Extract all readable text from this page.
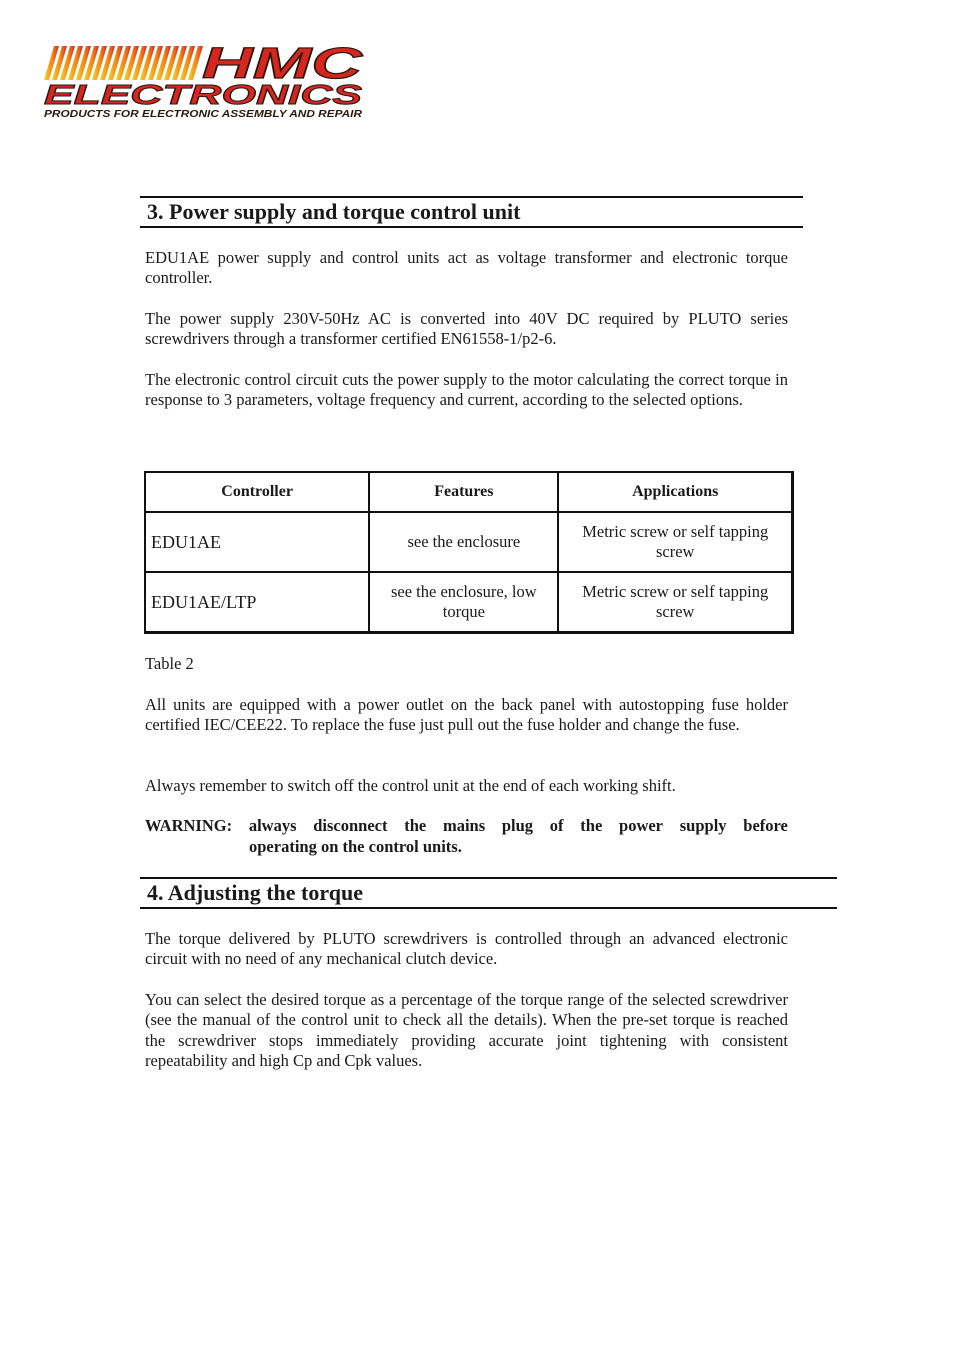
HMC
ELECTRONICS
PRODUCTS FOR ELECTRONIC ASSEMBLY AND REPAIR
3. Power supply and torque control unit

EDU1AE power supply and control units act as voltage transformer and electronic torque controller.

The power supply 230V-50Hz AC is converted into 40V DC required by PLUTO series screwdrivers through a transformer certified EN61558-1/p2-6.

The electronic control circuit cuts the power supply to the motor calculating the correct torque in response to 3 parameters, voltage frequency and current, according to the selected options.

Controller	Features	Applications
EDU1AE	see the enclosure	Metric screw or self tapping screw
EDU1AE/LTP	see the enclosure, low torque	Metric screw or self tapping screw

Table 2

All units are equipped with a power outlet on the back panel with autostopping fuse holder certified IEC/CEE22. To replace the fuse just pull out the fuse holder and change the fuse.

Always remember to switch off the control unit at the end of each working shift.

WARNING: always disconnect the mains plug of the power supply before
operating on the control units.
4. Adjusting the torque

The torque delivered by PLUTO screwdrivers is controlled through an advanced electronic circuit with no need of any mechanical clutch device.

You can select the desired torque as a percentage of the torque range of the selected screwdriver (see the manual of the control unit to check all the details). When the pre-set torque is reached the screwdriver stops immediately providing accurate joint tightening with consistent repeatability and high Cp and Cpk values.
